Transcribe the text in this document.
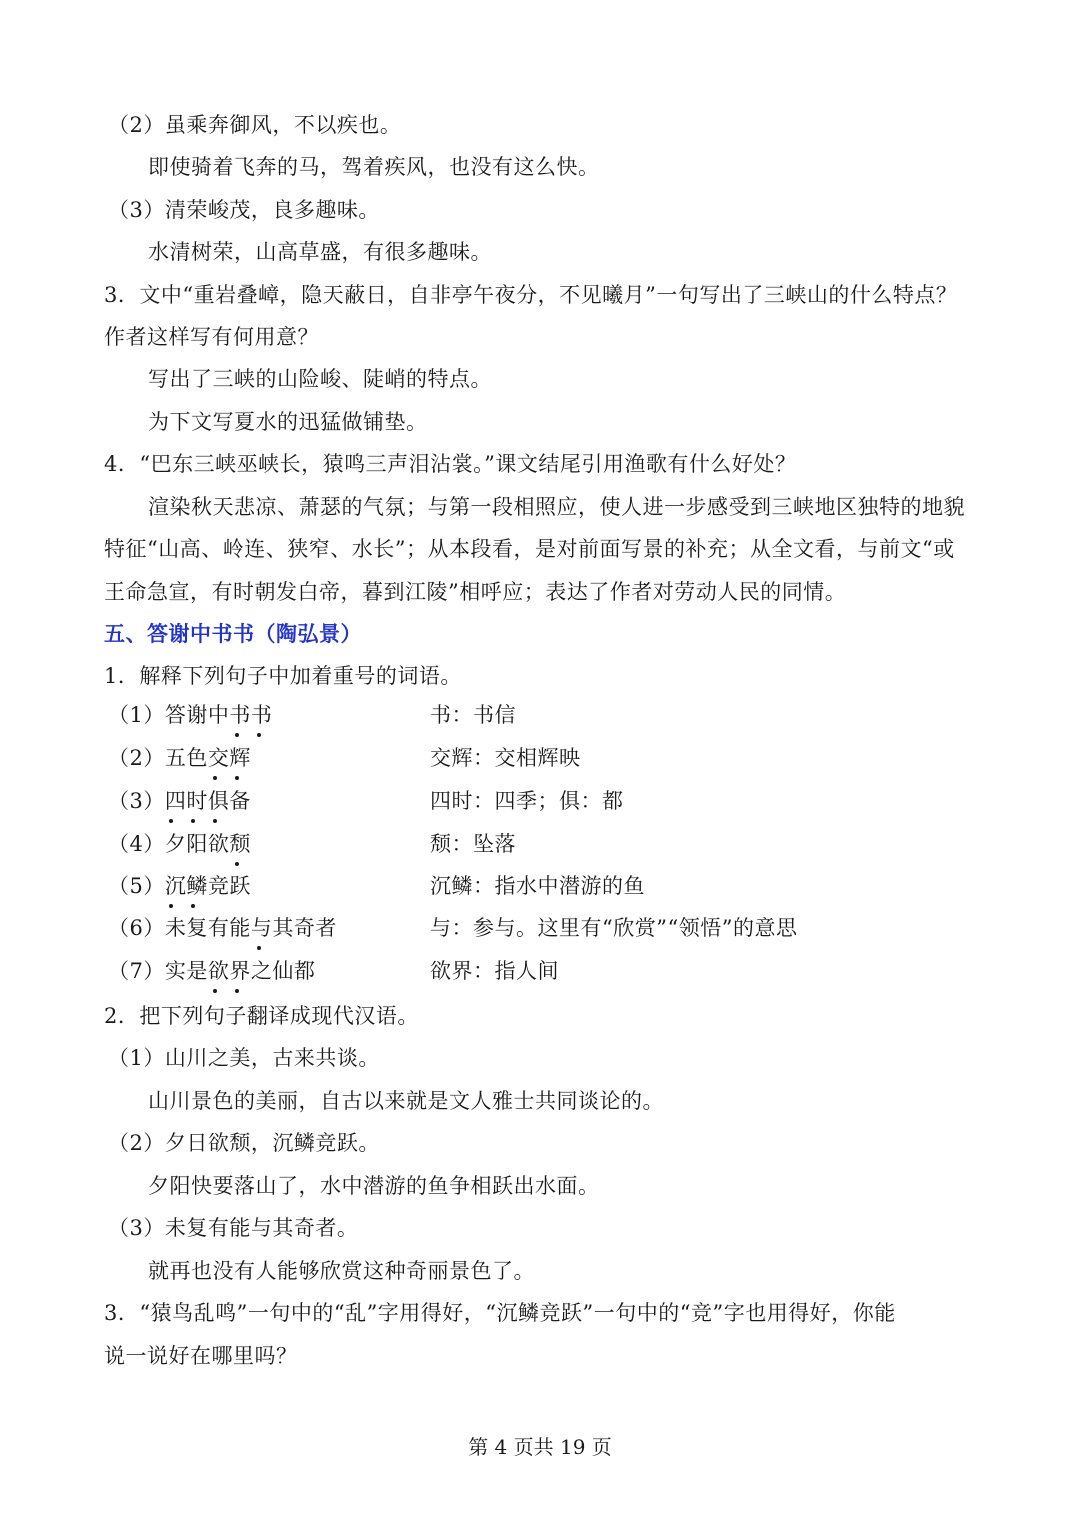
（2）虽乘奔御风，不以疾也。
即使骑着飞奔的马，驾着疾风，也没有这么快。
（3）清荣峻茂，良多趣味。
水清树荣，山高草盛，有很多趣味。
3．文中“重岩叠嶂，隐天蔽日，自非亭午夜分，不见曦月”一句写出了三峡山的什么特点？
作者这样写有何用意？
写出了三峡的山险峻、陡峭的特点。
为下文写夏水的迅猛做铺垫。
4．“巴东三峡巫峡长，猿鸣三声泪沾裳。”课文结尾引用渔歌有什么好处？
渲染秋天悲凉、萧瑟的气氛；与第一段相照应，使人进一步感受到三峡地区独特的地貌
特征“山高、岭连、狭窄、水长”；从本段看，是对前面写景的补充；从全文看，与前文“或
王命急宣，有时朝发白帝，暮到江陵”相呼应；表达了作者对劳动人民的同情。
五、答谢中书书（陶弘景）
1．解释下列句子中加着重号的词语。
（1）答谢中书书	书：书信
（2）五色交辉	交辉：交相辉映
（3）四时俱备	四时：四季；俱：都
（4）夕阳欲颓	颓：坠落
（5）沉鳞竞跃	沉鳞：指水中潜游的鱼
（6）未复有能与其奇者	与：参与。这里有“欣赏”“领悟”的意思
（7）实是欲界之仙都	欲界：指人间
2．把下列句子翻译成现代汉语。
（1）山川之美，古来共谈。
山川景色的美丽，自古以来就是文人雅士共同谈论的。
（2）夕日欲颓，沉鳞竞跃。
夕阳快要落山了，水中潜游的鱼争相跃出水面。
（3）未复有能与其奇者。
就再也没有人能够欣赏这种奇丽景色了。
3．“猿鸟乱鸣”一句中的“乱”字用得好，“沉鳞竞跃”一句中的“竞”字也用得好，你能
说一说好在哪里吗？
第 4 页共 19 页
